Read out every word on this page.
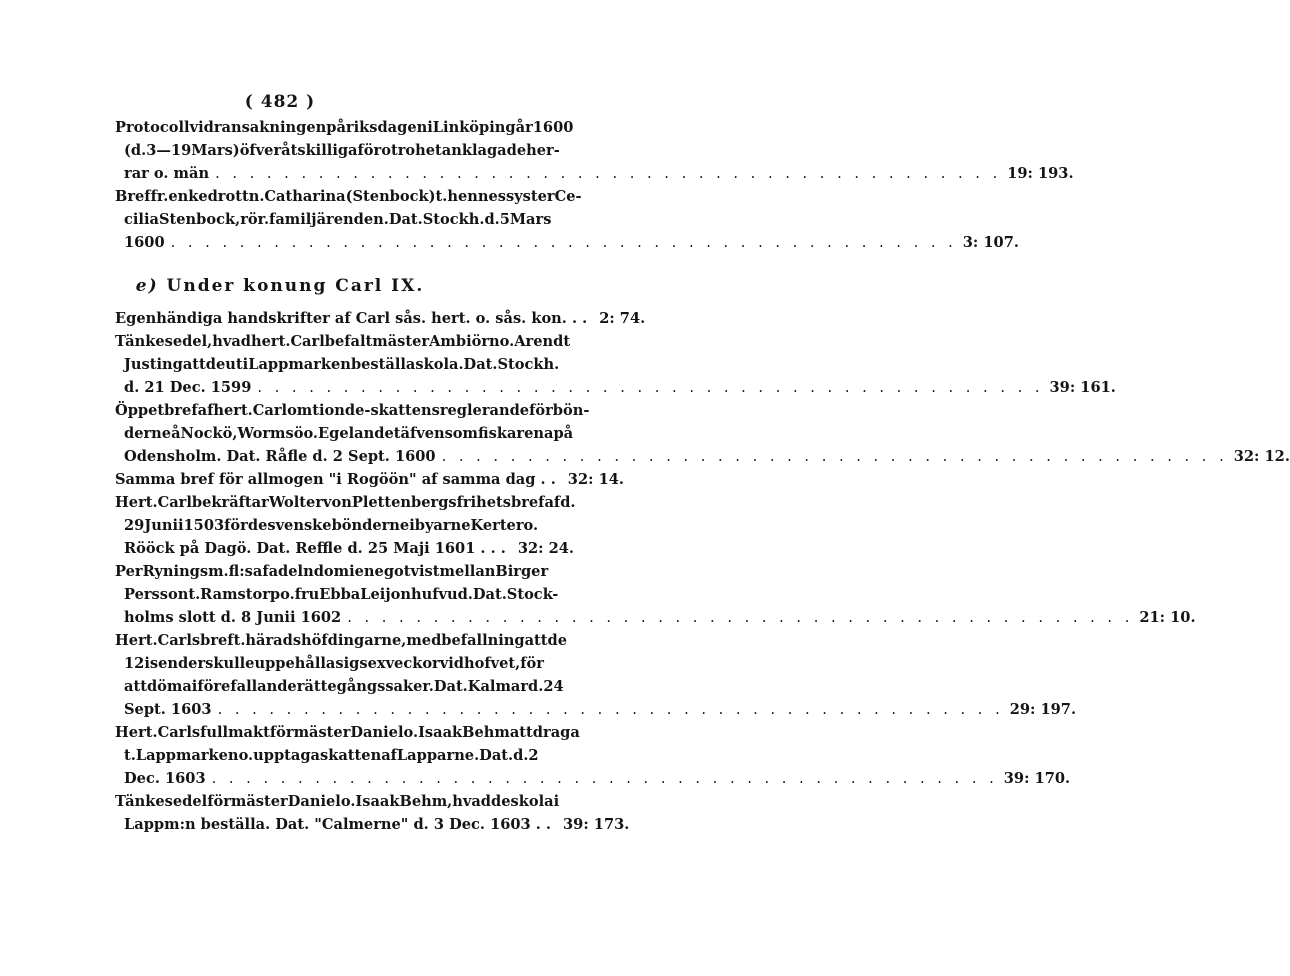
( 482 )
Protocoll vid ransakningen på riksdagen i Linköping år 1600
(d. 3—19 Mars) öfver åtskilliga för otrohet anklagade her-
rar o. män . . . . . . . . . . . . . . . . . . . . . . . . . . . . . . . . . . . . . . . . . . . . . . 19: 193.
Bref fr. enkedrottn. Catharina (Stenbock) t. hennes syster Ce-
cilia Stenbock, rör. familjärenden. Dat. Stockh. d. 5 Mars
1600 . . . . . . . . . . . . . . . . . . . . . . . . . . . . . . . . . . . . . . . . . . . . . . 3: 107.
e) Under konung Carl IX.
Egenhändiga handskrifter af Carl sås. hert. o. sås. kon. . . 2: 74.
Tänkesedel, hvad hert. Carl befalt mäster Ambiörn o. Arendt
Justing att de uti Lappmarken beställa skola. Dat. Stockh.
d. 21 Dec. 1599 . . . . . . . . . . . . . . . . . . . . . . . . . . . . . . . . . . . . . . . . . . . . . . 39: 161.
Öppet bref af hert. Carl om tionde-skattens reglerande för bön-
derne å Nockö, Wormsö o. Egelandet äfvensom fiskarena på
Odensholm. Dat. Råfle d. 2 Sept. 1600 . . . . . . . . . . . . . . . . . . . . . . . . . . . . . . . . . . . . . . . . . . . . . . 32: 12.
Samma bref för allmogen "i Rogöön" af samma dag . . 32: 14.
Hert. Carl bekräftar Wolter von Plettenbergs frihetsbref af d.
29 Junii 1503 för de svenske bönderne i byarne Kerter o.
Rööck på Dagö. Dat. Reffle d. 25 Maji 1601 . . . 32: 24.
Per Rynings m. fl:s af adeln dom i en egotvist mellan Birger
Persson t. Ramstorp o. fru Ebba Leijonhufvud. Dat. Stock-
holms slott d. 8 Junii 1602 . . . . . . . . . . . . . . . . . . . . . . . . . . . . . . . . . . . . . . . . . . . . . . 21: 10.
Hert. Carls bref t. häradshöfdingarne, med befallning att de
12 i sender skulle uppehålla sig sex veckor vid hofvet, för
att döma i förefallande rättegångssaker. Dat. Kalmar d. 24
Sept. 1603 . . . . . . . . . . . . . . . . . . . . . . . . . . . . . . . . . . . . . . . . . . . . . . 29: 197.
Hert. Carls fullmakt för mäster Daniel o. Isaak Behm att draga
t. Lappmarken o. upptaga skatten af Lapparne. Dat. d. 2
Dec. 1603 . . . . . . . . . . . . . . . . . . . . . . . . . . . . . . . . . . . . . . . . . . . . . . 39: 170.
Tänkesedel för mäster Daniel o. Isaak Behm, hvad de skola i
Lappm:n beställa. Dat. "Calmerne" d. 3 Dec. 1603 . . 39: 173.
